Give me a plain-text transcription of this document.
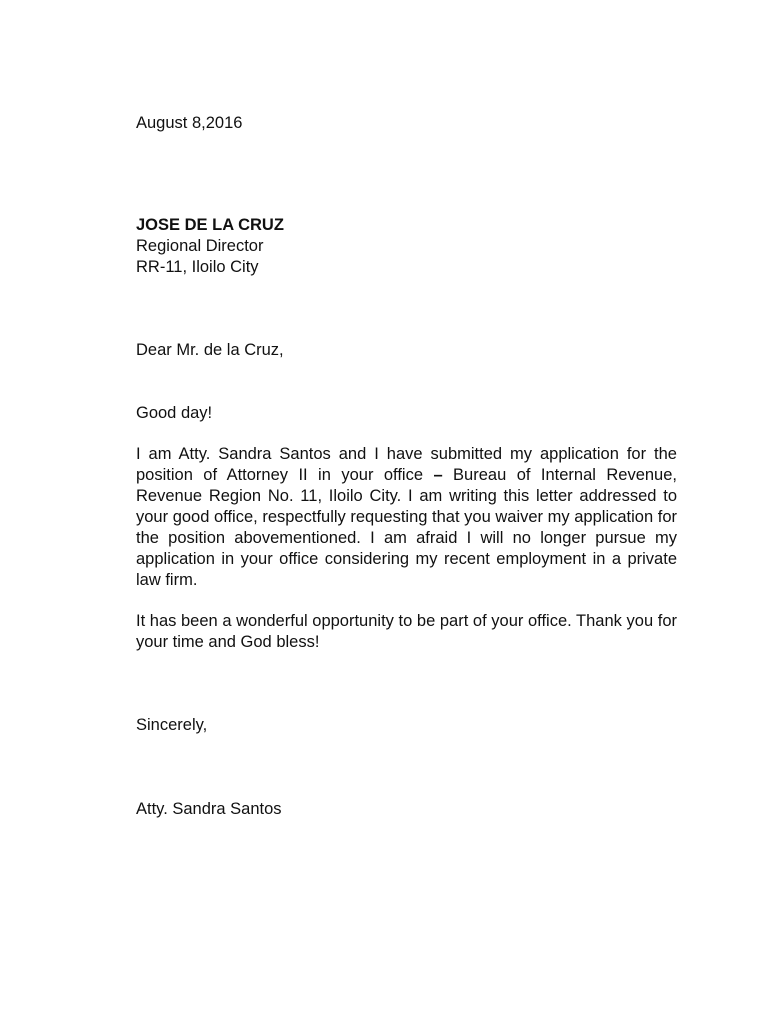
August 8,2016

JOSE DE LA CRUZ
Regional Director
RR-11, Iloilo City

Dear Mr. de la Cruz,

Good day!

I am Atty. Sandra Santos and I have submitted my application for the position of Attorney II in your office – Bureau of Internal Revenue, Revenue Region No. 11, Iloilo City. I am writing this letter addressed to your good office, respectfully requesting that you waiver my application for the position abovementioned. I am afraid I will no longer pursue my application in your office considering my recent employment in a private law firm.

It has been a wonderful opportunity to be part of your office. Thank you for your time and God bless!

Sincerely,

Atty. Sandra Santos
